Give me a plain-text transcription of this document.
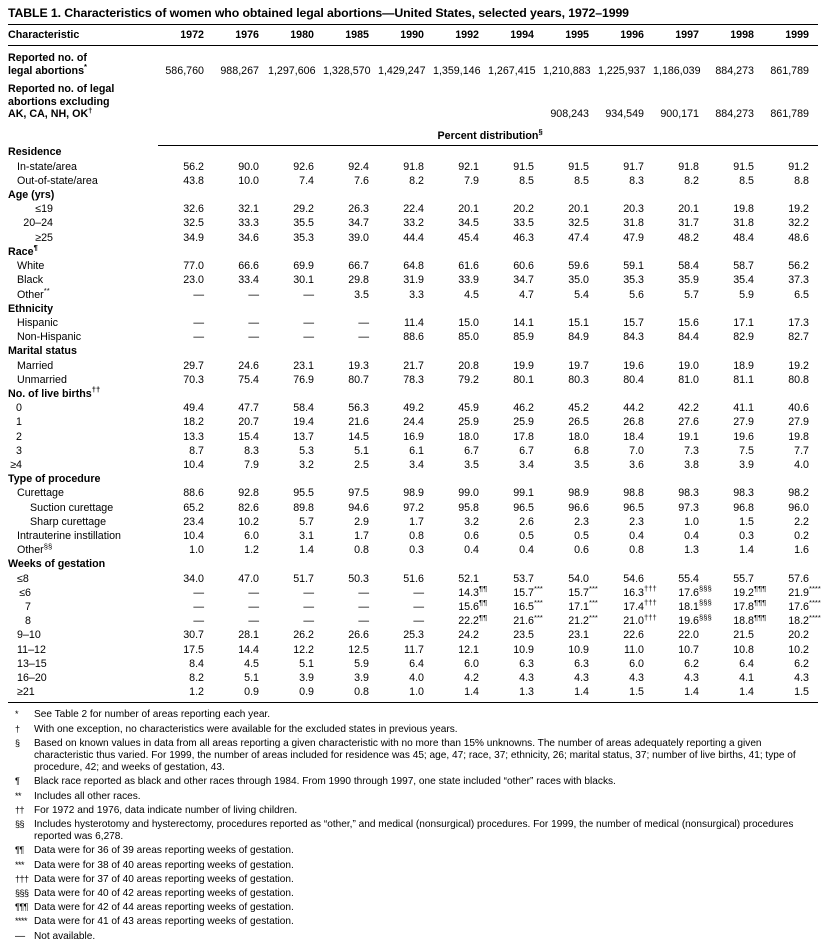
TABLE 1. Characteristics of women who obtained legal abortions—United States, selected years, 1972–1999
Characteristic	1972	1976	1980	1985	1990	1992	1994	1995	1996	1997	1998	1999
Reported no. of
legal abortions*	586,760	988,267	1,297,606	1,328,570	1,429,247	1,359,146	1,267,415	1,210,883	1,225,937	1,186,039	884,273	861,789
Reported no. of legal
abortions excluding
AK, CA, NH, OK†								908,243	934,549	900,171	884,273	861,789
	Percent distribution§
Residence												
In-state/area	56.2	90.0	92.6	92.4	91.8	92.1	91.5	91.5	91.7	91.8	91.5	91.2
Out-of-state/area	43.8	10.0	7.4	7.6	8.2	7.9	8.5	8.5	8.3	8.2	8.5	8.8
Age (yrs)												
≤19	32.6	32.1	29.2	26.3	22.4	20.1	20.2	20.1	20.3	20.1	19.8	19.2
20–24	32.5	33.3	35.5	34.7	33.2	34.5	33.5	32.5	31.8	31.7	31.8	32.2
≥25	34.9	34.6	35.3	39.0	44.4	45.4	46.3	47.4	47.9	48.2	48.4	48.6
Race¶												
White	77.0	66.6	69.9	66.7	64.8	61.6	60.6	59.6	59.1	58.4	58.7	56.2
Black	23.0	33.4	30.1	29.8	31.9	33.9	34.7	35.0	35.3	35.9	35.4	37.3
Other**	—	—	—	3.5	3.3	4.5	4.7	5.4	5.6	5.7	5.9	6.5
Ethnicity												
Hispanic	—	—	—	—	11.4	15.0	14.1	15.1	15.7	15.6	17.1	17.3
Non-Hispanic	—	—	—	—	88.6	85.0	85.9	84.9	84.3	84.4	82.9	82.7
Marital status												
Married	29.7	24.6	23.1	19.3	21.7	20.8	19.9	19.7	19.6	19.0	18.9	19.2
Unmarried	70.3	75.4	76.9	80.7	78.3	79.2	80.1	80.3	80.4	81.0	81.1	80.8
No. of live births††												
0	49.4	47.7	58.4	56.3	49.2	45.9	46.2	45.2	44.2	42.2	41.1	40.6
1	18.2	20.7	19.4	21.6	24.4	25.9	25.9	26.5	26.8	27.6	27.9	27.9
2	13.3	15.4	13.7	14.5	16.9	18.0	17.8	18.0	18.4	19.1	19.6	19.8
3	8.7	8.3	5.3	5.1	6.1	6.7	6.7	6.8	7.0	7.3	7.5	7.7
≥4	10.4	7.9	3.2	2.5	3.4	3.5	3.4	3.5	3.6	3.8	3.9	4.0
Type of procedure												
Curettage	88.6	92.8	95.5	97.5	98.9	99.0	99.1	98.9	98.8	98.3	98.3	98.2
Suction curettage	65.2	82.6	89.8	94.6	97.2	95.8	96.5	96.6	96.5	97.3	96.8	96.0
Sharp curettage	23.4	10.2	5.7	2.9	1.7	3.2	2.6	2.3	2.3	1.0	1.5	2.2
Intrauterine instillation	10.4	6.0	3.1	1.7	0.8	0.6	0.5	0.5	0.4	0.4	0.3	0.2
Other§§	1.0	1.2	1.4	0.8	0.3	0.4	0.4	0.6	0.8	1.3	1.4	1.6
Weeks of gestation												
≤8	34.0	47.0	51.7	50.3	51.6	52.1	53.7	54.0	54.6	55.4	55.7	57.6
≤6	—	—	—	—	—	14.3¶¶	15.7***	15.7***	16.3†††	17.6§§§	19.2¶¶¶	21.9****
7	—	—	—	—	—	15.6¶¶	16.5***	17.1***	17.4†††	18.1§§§	17.8¶¶¶	17.6****
8	—	—	—	—	—	22.2¶¶	21.6***	21.2***	21.0†††	19.6§§§	18.8¶¶¶	18.2****
9–10	30.7	28.1	26.2	26.6	25.3	24.2	23.5	23.1	22.6	22.0	21.5	20.2
11–12	17.5	14.4	12.2	12.5	11.7	12.1	10.9	10.9	11.0	10.7	10.8	10.2
13–15	8.4	4.5	5.1	5.9	6.4	6.0	6.3	6.3	6.0	6.2	6.4	6.2
16–20	8.2	5.1	3.9	3.9	4.0	4.2	4.3	4.3	4.3	4.3	4.1	4.3
≥21	1.2	0.9	0.9	0.8	1.0	1.4	1.3	1.4	1.5	1.4	1.4	1.5
* See Table 2 for number of areas reporting each year.
† With one exception, no characteristics were available for the excluded states in previous years.
§ Based on known values in data from all areas reporting a given characteristic with no more than 15% unknowns. The number of areas adequately reporting a given characteristic thus varied. For 1999, the number of areas included for residence was 45; age, 47; race, 37; ethnicity, 26; marital status, 37; number of live births, 41; type of procedure, 42; and weeks of gestation, 43.
¶ Black race reported as black and other races through 1984. From 1990 through 1997, one state included “other” races with blacks.
** Includes all other races.
†† For 1972 and 1976, data indicate number of living children.
§§ Includes hysterotomy and hysterectomy, procedures reported as “other,” and medical (nonsurgical) procedures. For 1999, the number of medical (nonsurgical) procedures reported was 6,278.
¶¶ Data were for 36 of 39 areas reporting weeks of gestation.
*** Data were for 38 of 40 areas reporting weeks of gestation.
††† Data were for 37 of 40 areas reporting weeks of gestation.
§§§ Data were for 40 of 42 areas reporting weeks of gestation.
¶¶¶ Data were for 42 of 44 areas reporting weeks of gestation.
**** Data were for 41 of 43 areas reporting weeks of gestation.
— Not available.
